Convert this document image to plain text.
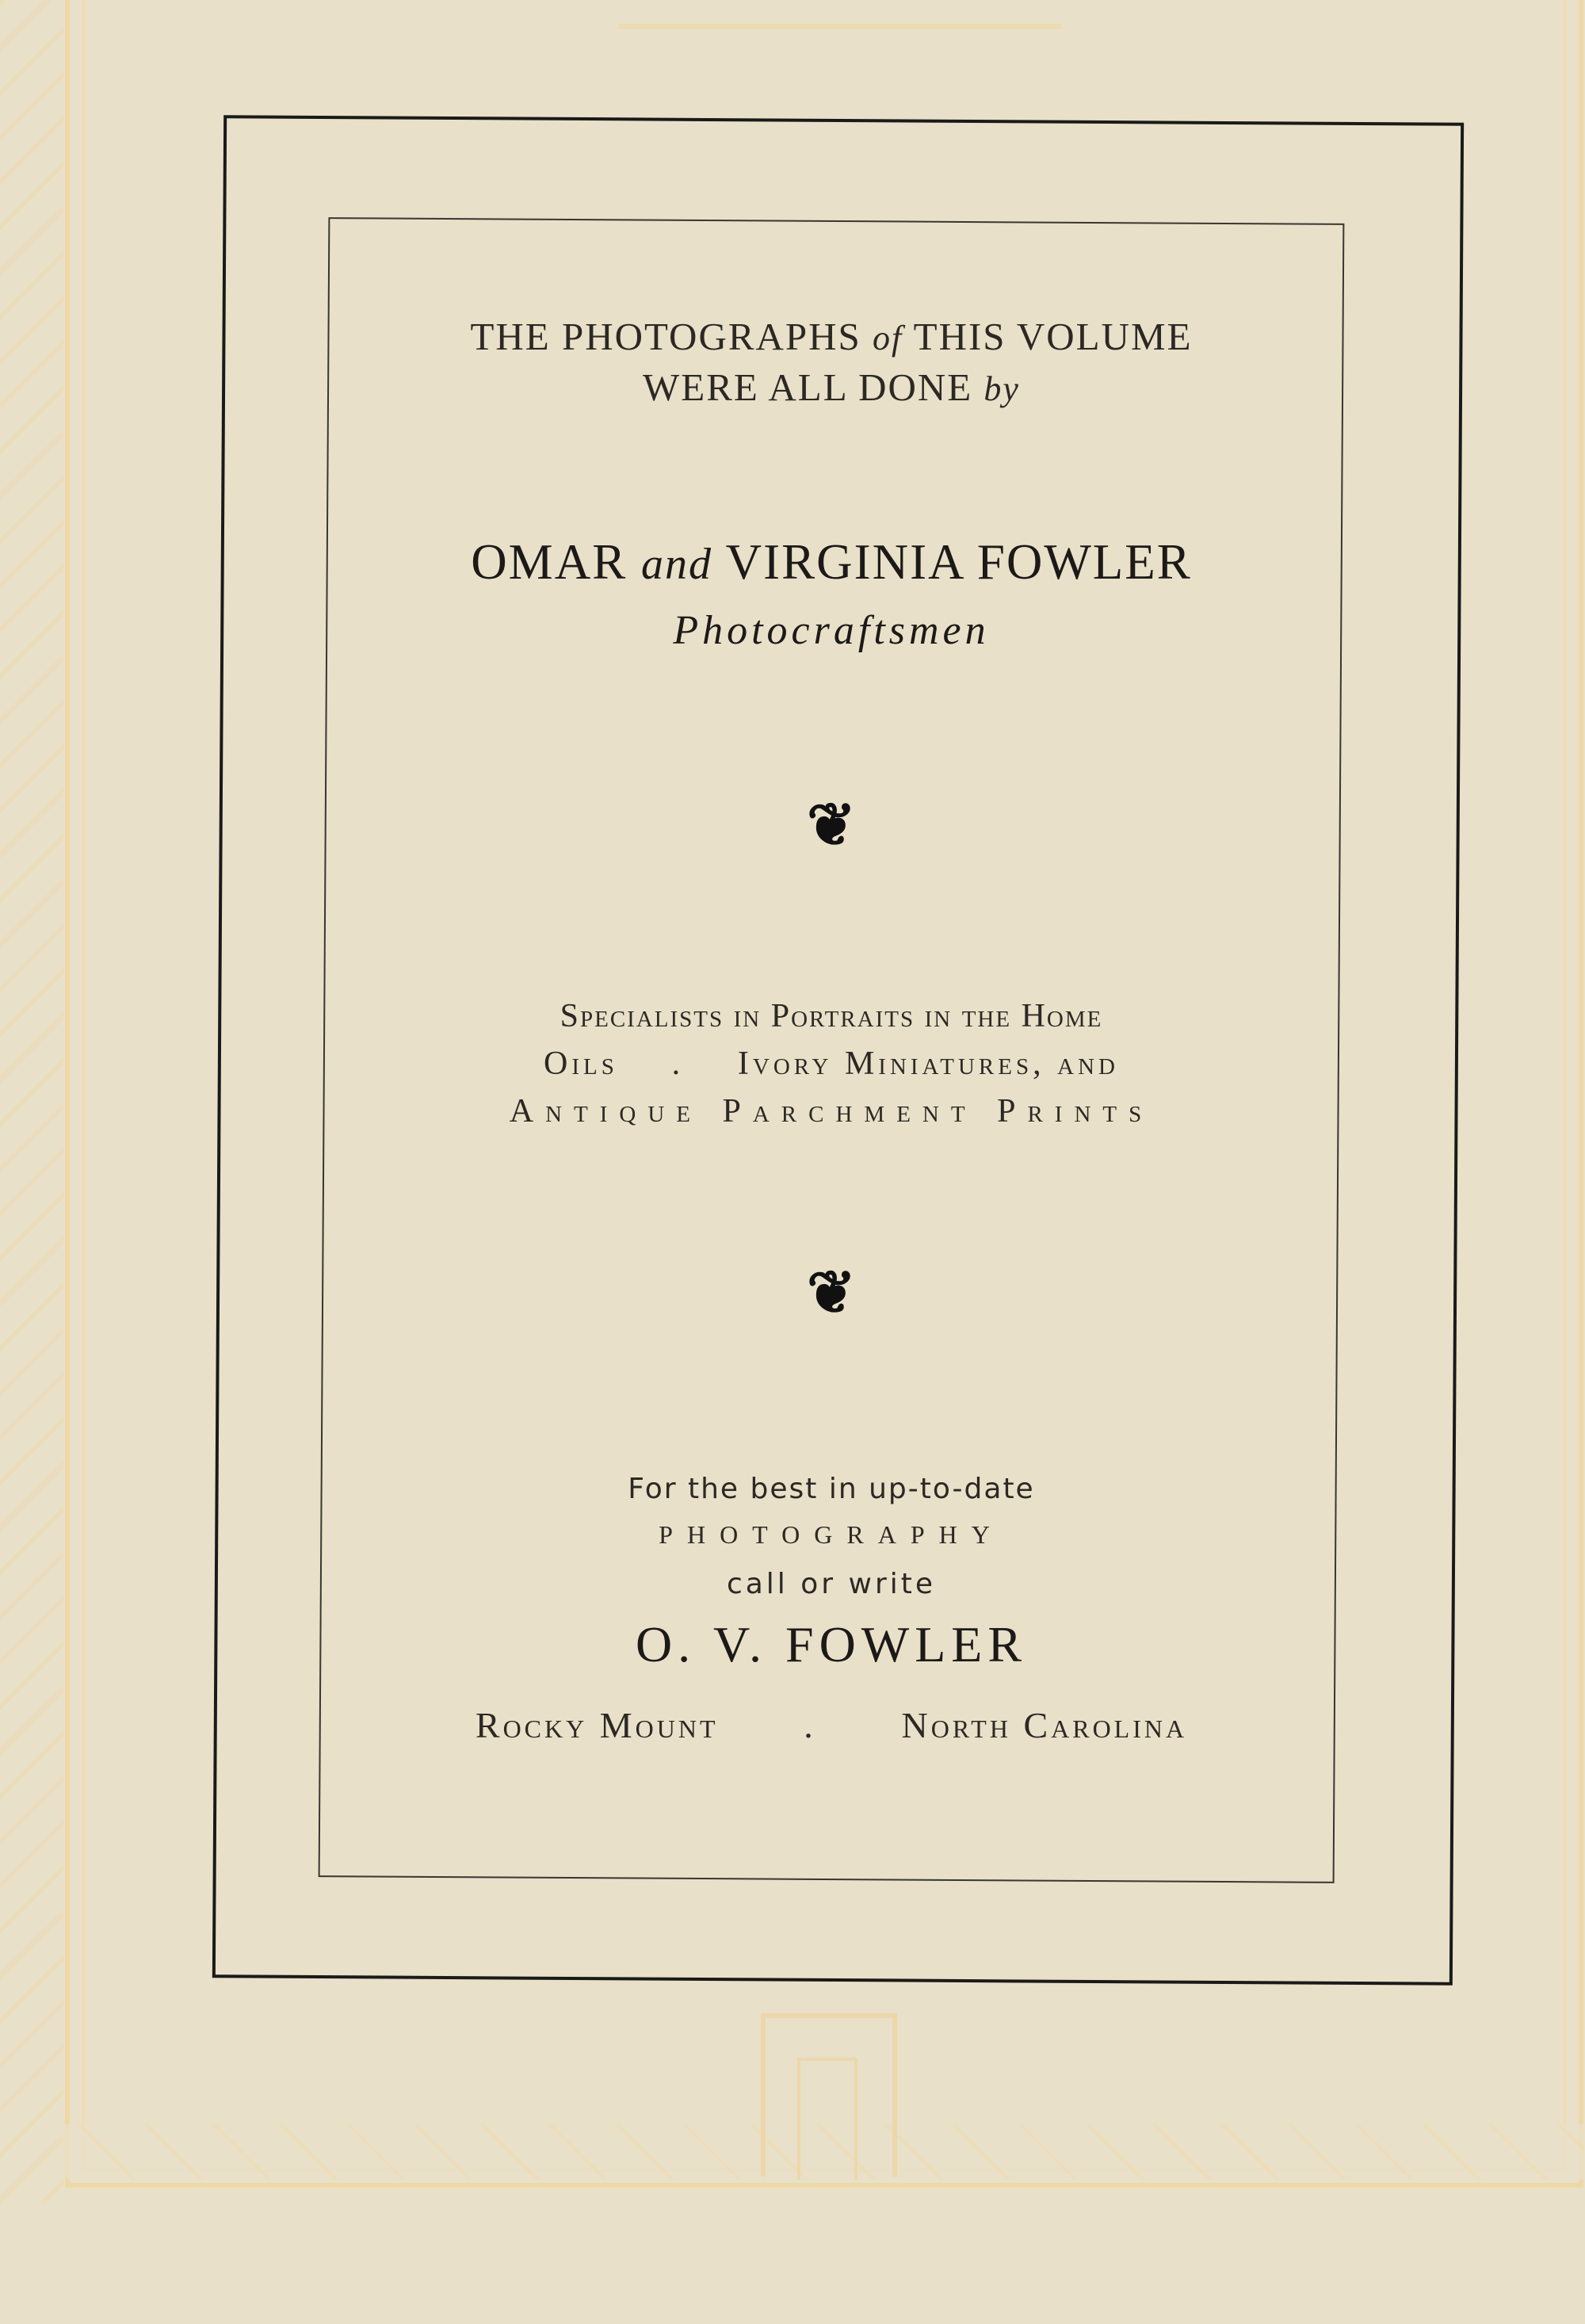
THE PHOTOGRAPHS of THIS VOLUME
WERE ALL DONE by
OMAR and VIRGINIA FOWLER
Photocraftsmen
❦
Specialists in Portraits in the Home
Oils . Ivory Miniatures, and
Antique Parchment Prints
❦
For the best in up-to-date
PHOTOGRAPHY
call or write
O. V. FOWLER
Rocky Mount . North Carolina
